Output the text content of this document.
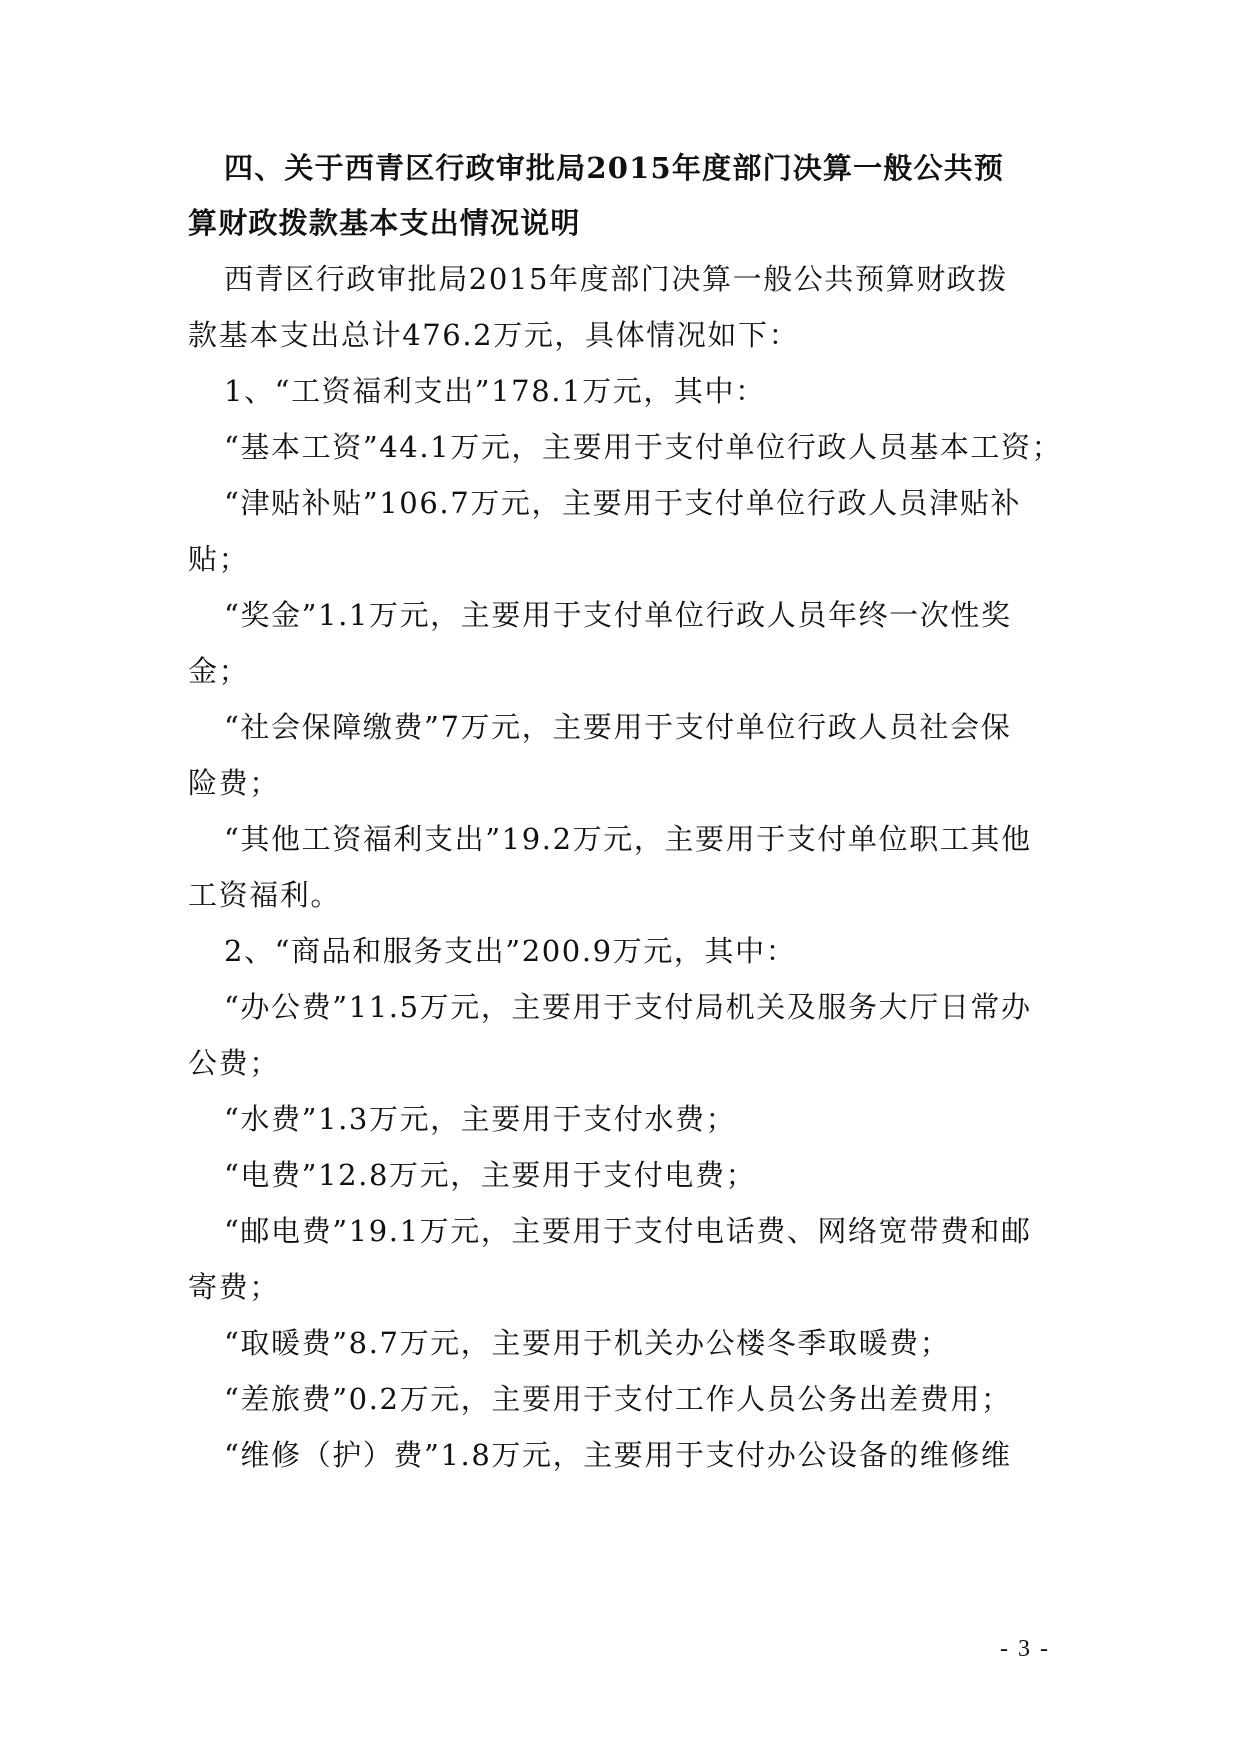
四、关于西青区行政审批局2015年度部门决算一般公共预
算财政拨款基本支出情况说明
西青区行政审批局2015年度部门决算一般公共预算财政拨
款基本支出总计476.2万元，具体情况如下：
1、“工资福利支出”178.1万元，其中：
“基本工资”44.1万元，主要用于支付单位行政人员基本工资；
“津贴补贴”106.7万元，主要用于支付单位行政人员津贴补
贴；
“奖金”1.1万元，主要用于支付单位行政人员年终一次性奖
金；
“社会保障缴费”7万元，主要用于支付单位行政人员社会保
险费；
“其他工资福利支出”19.2万元，主要用于支付单位职工其他
工资福利。
2、“商品和服务支出”200.9万元，其中：
“办公费”11.5万元，主要用于支付局机关及服务大厅日常办
公费；
“水费”1.3万元，主要用于支付水费；
“电费”12.8万元，主要用于支付电费；
“邮电费”19.1万元，主要用于支付电话费、网络宽带费和邮
寄费；
“取暖费”8.7万元，主要用于机关办公楼冬季取暖费；
“差旅费”0.2万元，主要用于支付工作人员公务出差费用；
“维修（护）费”1.8万元，主要用于支付办公设备的维修维
- 3 -
